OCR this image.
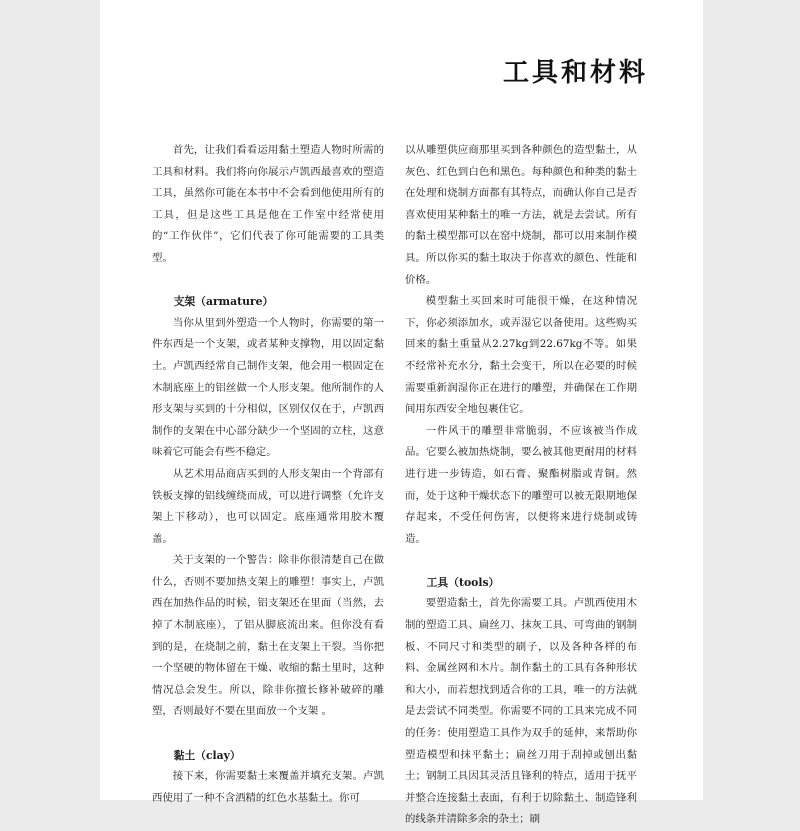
工具和材料

首先，让我们看看运用黏土塑造人物时所需的工具和材料。我们将向你展示卢凯西最喜欢的塑造工具，虽然你可能在本书中不会看到他使用所有的工具，但是这些工具是他在工作室中经常使用的“工作伙伴”，它们代表了你可能需要的工具类型。

支架（armature）

当你从里到外塑造一个人物时，你需要的第一件东西是一个支架，或者某种支撑物，用以固定黏土。卢凯西经常自己制作支架，他会用一根固定在木制底座上的铝丝做一个人形支架。他所制作的人形支架与买到的十分相似，区别仅仅在于，卢凯西制作的支架在中心部分缺少一个坚固的立柱，这意味着它可能会有些不稳定。

从艺术用品商店买到的人形支架由一个背部有铁板支撑的铝线缠绕而成，可以进行调整（允许支架上下移动），也可以固定。底座通常用胶木覆盖。

关于支架的一个警告：除非你很清楚自己在做什么，否则不要加热支架上的雕塑！事实上，卢凯西在加热作品的时候，铝支架还在里面（当然，去掉了木制底座），了铝从脚底流出来。但你没有看到的是，在烧制之前，黏土在支架上干裂。当你把一个坚硬的物体留在干燥、收缩的黏土里时，这种情况总会发生。所以，除非你擅长修补破碎的雕塑，否则最好不要在里面放一个支架 。

黏土（clay）

接下来，你需要黏土来覆盖并填充支架。卢凯西使用了一种不含酒精的红色水基黏土。你可

以从雕塑供应商那里买到各种颜色的造型黏土，从灰色、红色到白色和黑色。每种颜色和种类的黏土在处理和烧制方面都有其特点，而确认你自己是否喜欢使用某种黏土的唯一方法，就是去尝试。所有的黏土模型都可以在窑中烧制，都可以用来制作模具。所以你买的黏土取决于你喜欢的颜色、性能和价格。

模型黏土买回来时可能很干燥，在这种情况下，你必须添加水，或弄湿它以备使用。这些购买回来的黏土重量从2.27kg到22.67kg不等。如果不经常补充水分，黏土会变干，所以在必要的时候需要重新润湿你正在进行的雕塑，并确保在工作期间用东西安全地包裹住它。

一件风干的雕塑非常脆弱，不应该被当作成品。它要么被加热烧制，要么被其他更耐用的材料进行进一步铸造，如石膏、聚酯树脂或青铜。然而，处于这种干燥状态下的雕塑可以被无限期地保存起来，不受任何伤害，以便将来进行烧制或铸造。

工具（tools）

要塑造黏土，首先你需要工具。卢凯西使用木制的塑造工具、扁丝刀、抹灰工具、可弯曲的钢制板、不同尺寸和类型的刷子，以及各种各样的布料、金属丝网和木片。制作黏土的工具有各种形状和大小，而若想找到适合你的工具，唯一的方法就是去尝试不同类型。你需要不同的工具来完成不同的任务：使用塑造工具作为双手的延伸，来帮助你塑造模型和抹平黏土；扁丝刀用于刮掉或刨出黏土；钢制工具因其灵活且锋利的特点，适用于抚平并整合连接黏土表面，有利于切除黏土、制造锋利的线条并清除多余的杂土；刷
